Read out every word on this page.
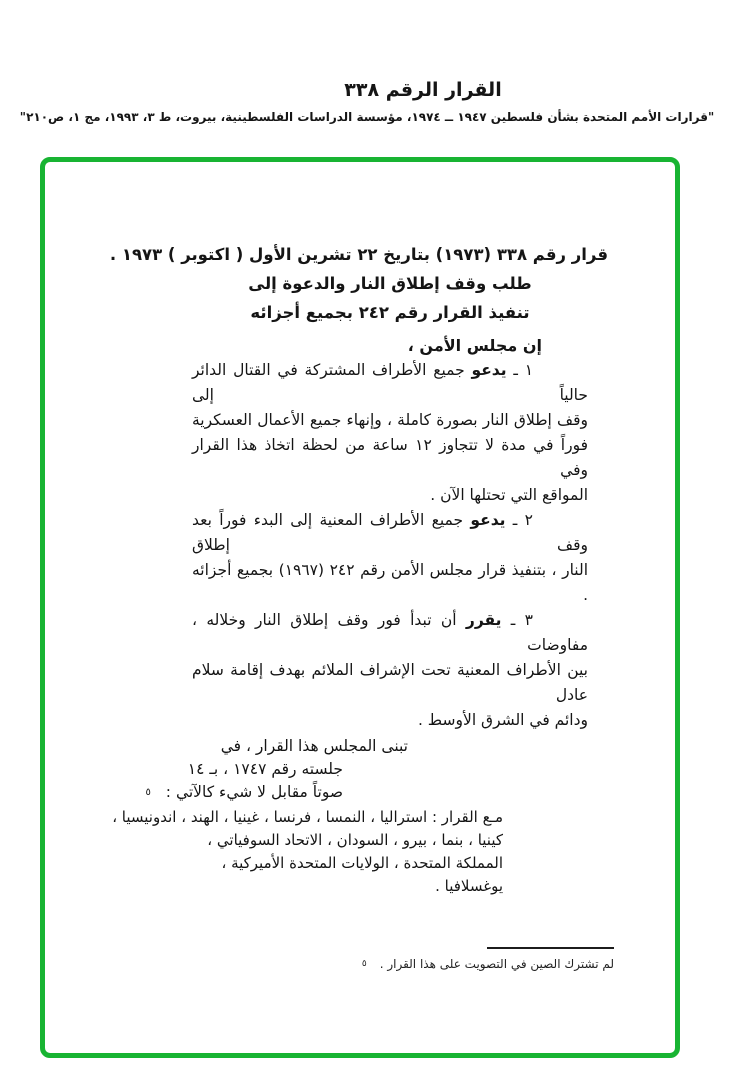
القرار الرقم ٣٣٨
"قرارات الأمم المتحدة بشأن فلسطين ١٩٤٧ ــ ١٩٧٤، مؤسسة الدراسات الفلسطينية، بيروت، ط ٣، ١٩٩٣، مج ١، ص٢١٠"
قرار رقم ٣٣٨ (١٩٧٣) بتاريخ ٢٢ تشرين الأول ( اكتوبر ) ١٩٧٣ .
طلب وقف إطلاق النار والدعوة إلى
تنفيذ القرار رقم ٢٤٢ بجميع أجزائه
إن مجلس الأمن ،
١ ـ يدعو جميع الأطراف المشتركة في القتال الدائر حالياً إلى
وقف إطلاق النار بصورة كاملة ، وإنهاء جميع الأعمال العسكرية
فوراً في مدة لا تتجاوز ١٢ ساعة من لحظة اتخاذ هذا القرار وفي
المواقع التي تحتلها الآن .
٢ ـ يدعو جميع الأطراف المعنية إلى البدء فوراً بعد وقف إطلاق
النار ، بتنفيذ قرار مجلس الأمن رقم ٢٤٢ (١٩٦٧) بجميع أجزائه .
٣ ـ يقرر أن تبدأ فور وقف إطلاق النار وخلاله ، مفاوضات
بين الأطراف المعنية تحت الإشراف الملائم بهدف إقامة سلام عادل
ودائم في الشرق الأوسط .
تبنى المجلس هذا القرار ، في
جلسته رقم ١٧٤٧ ، بـ ١٤
صوتاً مقابل لا شيء كالآتي : ٥
مـع القرار : استراليا ، النمسا ، فرنسا ، غينيا ، الهند ، اندونيسيا ،
كينيا ، بنما ، بيرو ، السودان ، الاتحاد السوفياتي ،
المملكة المتحدة ، الولايات المتحدة الأميركية ،
يوغسلافيا .
لم تشترك الصين في التصويت على هذا القرار .٥
